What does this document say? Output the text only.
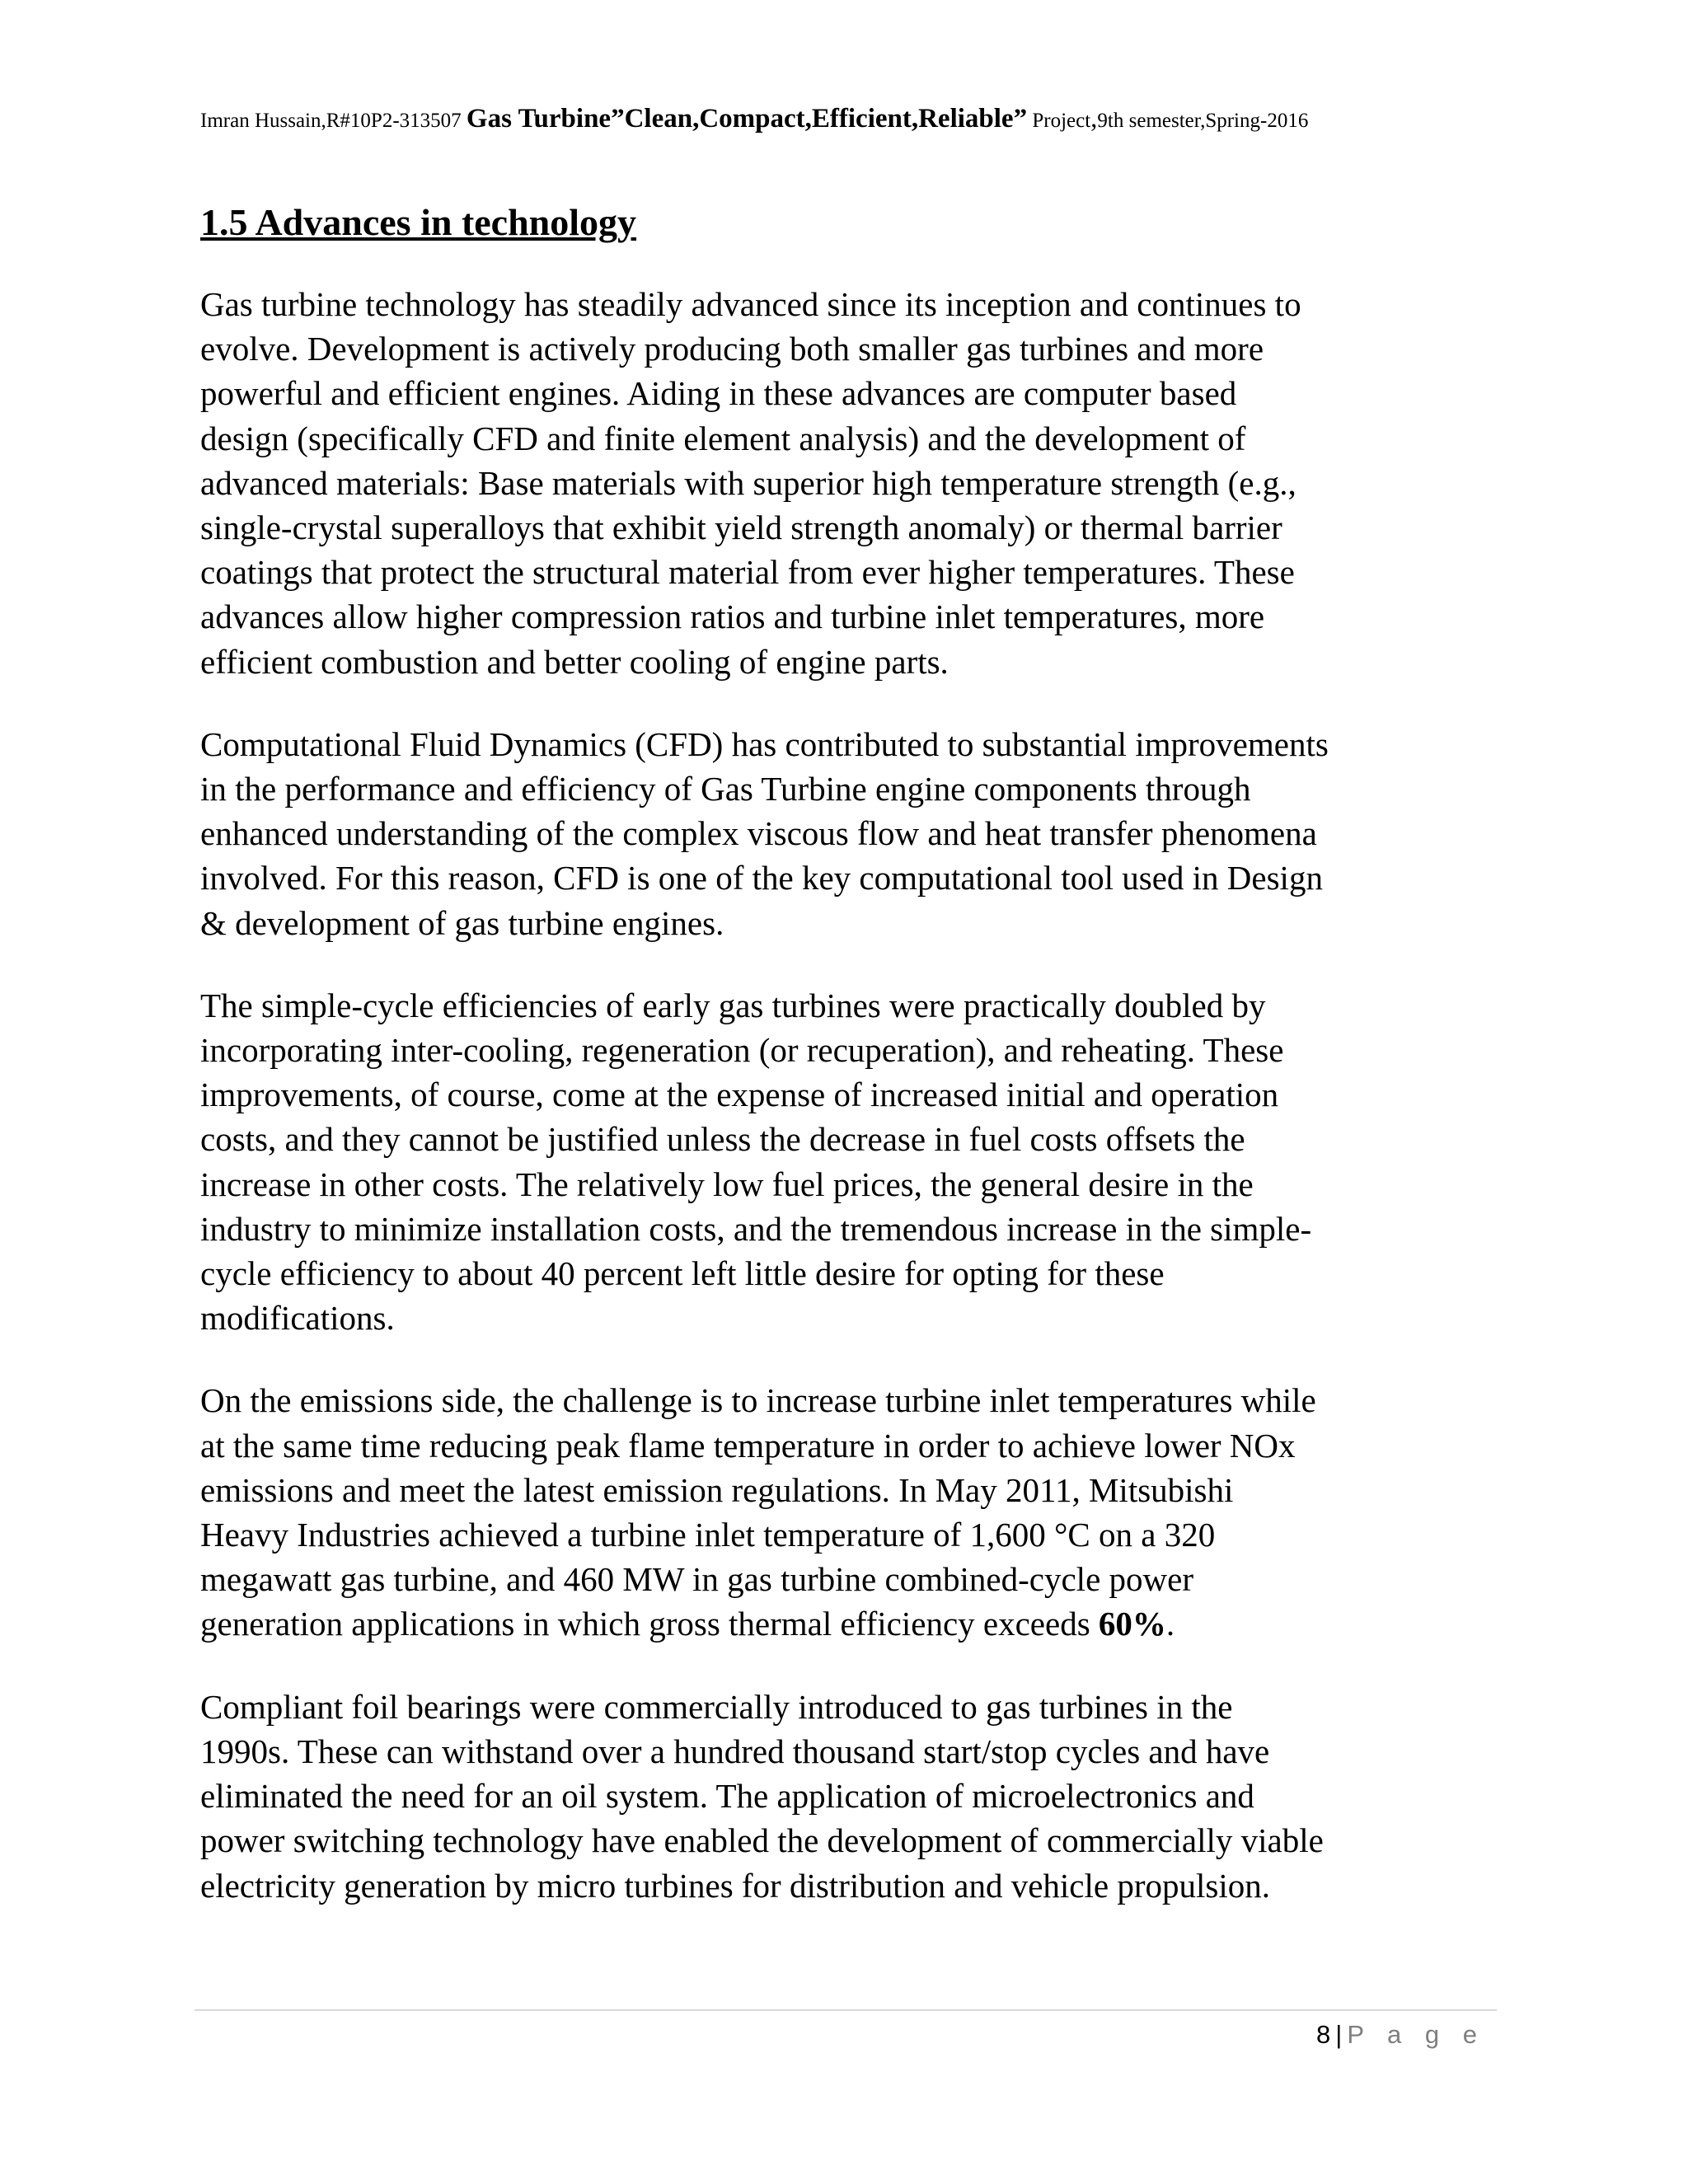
Imran Hussain,R#10P2-313507 Gas Turbine”Clean,Compact,Efficient,Reliable” Project,9th semester,Spring-2016
1.5 Advances in technology

Gas turbine technology has steadily advanced since its inception and continues to
evolve. Development is actively producing both smaller gas turbines and more
powerful and efficient engines. Aiding in these advances are computer based
design (specifically CFD and finite element analysis) and the development of
advanced materials: Base materials with superior high temperature strength (e.g.,
single-crystal superalloys that exhibit yield strength anomaly) or thermal barrier
coatings that protect the structural material from ever higher temperatures. These
advances allow higher compression ratios and turbine inlet temperatures, more
efficient combustion and better cooling of engine parts.

Computational Fluid Dynamics (CFD) has contributed to substantial improvements
in the performance and efficiency of Gas Turbine engine components through
enhanced understanding of the complex viscous flow and heat transfer phenomena
involved. For this reason, CFD is one of the key computational tool used in Design
& development of gas turbine engines.

The simple-cycle efficiencies of early gas turbines were practically doubled by
incorporating inter-cooling, regeneration (or recuperation), and reheating. These
improvements, of course, come at the expense of increased initial and operation
costs, and they cannot be justified unless the decrease in fuel costs offsets the
increase in other costs. The relatively low fuel prices, the general desire in the
industry to minimize installation costs, and the tremendous increase in the simple-
cycle efficiency to about 40 percent left little desire for opting for these
modifications.

On the emissions side, the challenge is to increase turbine inlet temperatures while
at the same time reducing peak flame temperature in order to achieve lower NOx
emissions and meet the latest emission regulations. In May 2011, Mitsubishi
Heavy Industries achieved a turbine inlet temperature of 1,600 °C on a 320
megawatt gas turbine, and 460 MW in gas turbine combined-cycle power
generation applications in which gross thermal efficiency exceeds 60%.

Compliant foil bearings were commercially introduced to gas turbines in the
1990s. These can withstand over a hundred thousand start/stop cycles and have
eliminated the need for an oil system. The application of microelectronics and
power switching technology have enabled the development of commercially viable
electricity generation by micro turbines for distribution and vehicle propulsion.

8 | P a g e
